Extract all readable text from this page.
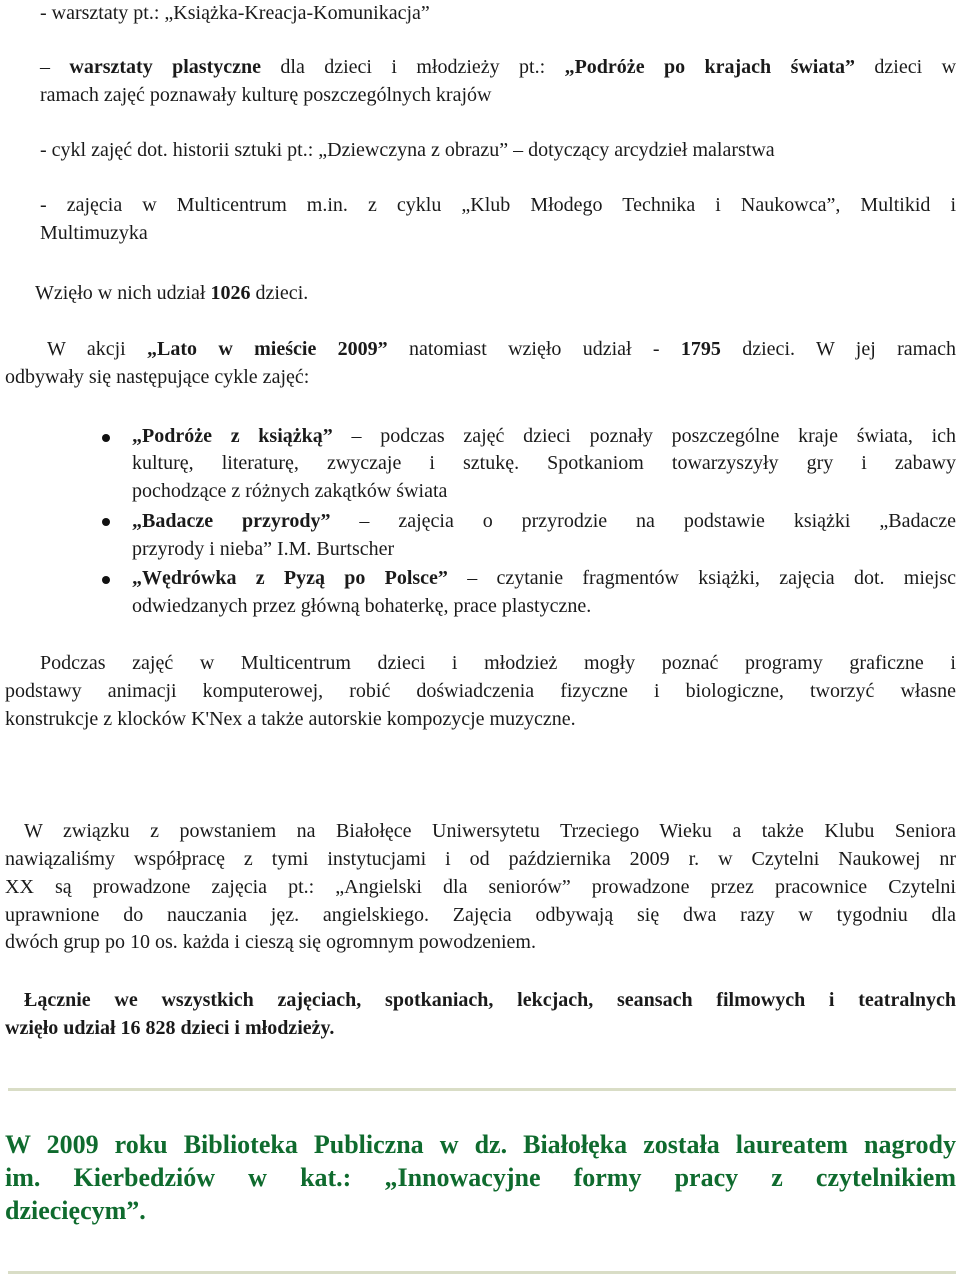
- warsztaty pt.: „Książka-Kreacja-Komunikacja”
– warsztaty plastyczne dla dzieci i młodzieży pt.: „Podróże po krajach świata” dzieci w
ramach zajęć poznawały kulturę poszczególnych krajów
- cykl zajęć dot. historii sztuki pt.: „Dziewczyna z obrazu” – dotyczący arcydzieł malarstwa
- zajęcia w Multicentrum m.in. z cyklu „Klub Młodego Technika i Naukowca”, Multikid i
Multimuzyka
Wzięło w nich udział 1026 dzieci.
W akcji „Lato w mieście 2009” natomiast wzięło udział - 1795 dzieci. W jej ramach
odbywały się następujące cykle zajęć:
„Podróże z książką” – podczas zajęć dzieci poznały poszczególne kraje świata, ich
kulturę, literaturę, zwyczaje i sztukę. Spotkaniom towarzyszyły gry i zabawy
pochodzące z różnych zakątków świata
„Badacze przyrody” – zajęcia o przyrodzie na podstawie książki „Badacze
przyrody i nieba” I.M. Burtscher
„Wędrówka z Pyzą po Polsce” – czytanie fragmentów książki, zajęcia dot. miejsc
odwiedzanych przez główną bohaterkę, prace plastyczne.
Podczas zajęć w Multicentrum dzieci i młodzież mogły poznać programy graficzne i
podstawy animacji komputerowej, robić doświadczenia fizyczne i biologiczne, tworzyć własne
konstrukcje z klocków K'Nex a także autorskie kompozycje muzyczne.
W związku z powstaniem na Białołęce Uniwersytetu Trzeciego Wieku a także Klubu Seniora
nawiązaliśmy współpracę z tymi instytucjami i od października 2009 r. w Czytelni Naukowej nr
XX są prowadzone zajęcia pt.: „Angielski dla seniorów” prowadzone przez pracownice Czytelni
uprawnione do nauczania jęz. angielskiego. Zajęcia odbywają się dwa razy w tygodniu dla
dwóch grup po 10 os. każda i cieszą się ogromnym powodzeniem.
Łącznie we wszystkich zajęciach, spotkaniach, lekcjach, seansach filmowych i teatralnych
wzięło udział 16 828 dzieci i młodzieży.
W 2009 roku Biblioteka Publiczna w dz. Białołęka została laureatem nagrody
im. Kierbedziów w kat.: „Innowacyjne formy pracy z czytelnikiem
dziecięcym”.
